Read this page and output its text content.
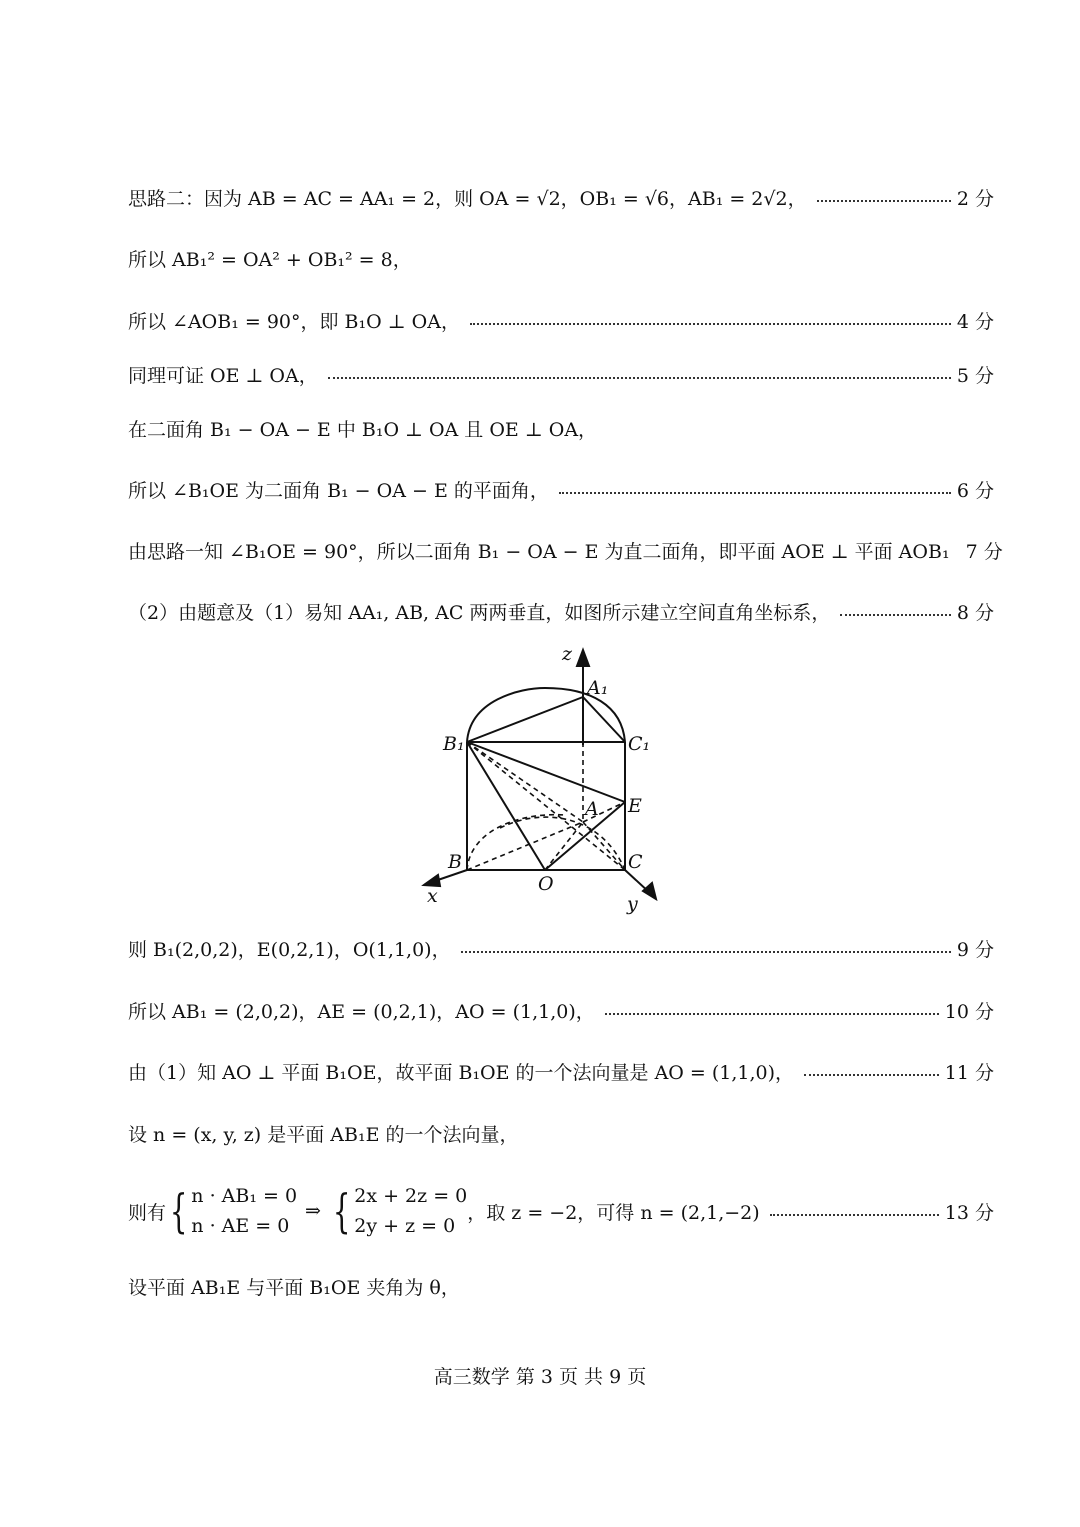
思路二：因为 AB = AC = AA₁ = 2，则 OA = √2，OB₁ = √6，AB₁ = 2√2，	2 分
所以 AB₁² = OA² + OB₁² = 8，
所以 ∠AOB₁ = 90°，即 B₁O ⊥ OA，	4 分
同理可证 OE ⊥ OA，	5 分
在二面角 B₁ − OA − E 中 B₁O ⊥ OA 且 OE ⊥ OA，
所以 ∠B₁OE 为二面角 B₁ − OA − E 的平面角，	6 分
由思路一知 ∠B₁OE = 90°，所以二面角 B₁ − OA − E 为直二面角，即平面 AOE ⊥ 平面 AOB₁ 7 分
（2）由题意及（1）易知 AA₁, AB, AC 两两垂直，如图所示建立空间直角坐标系，	8 分
z
A₁
B₁	C₁
A E
B	C
O
x	y
则 B₁(2,0,2)，E(0,2,1)，O(1,1,0)，	9 分
所以 AB₁ = (2,0,2)，AE = (0,2,1)，AO = (1,1,0)，	10 分
由（1）知 AO ⊥ 平面 B₁OE，故平面 B₁OE 的一个法向量是 AO = (1,1,0)，	11 分
设 n = (x, y, z) 是平面 AB₁E 的一个法向量，
则有 { n · AB₁ = 0
n · AE = 0
⇒ { 2x + 2z = 0
2y + z = 0
，取 z = −2，可得 n = (2,1,−2)	13 分
设平面 AB₁E 与平面 B₁OE 夹角为 θ，
高三数学 第 3 页 共 9 页
